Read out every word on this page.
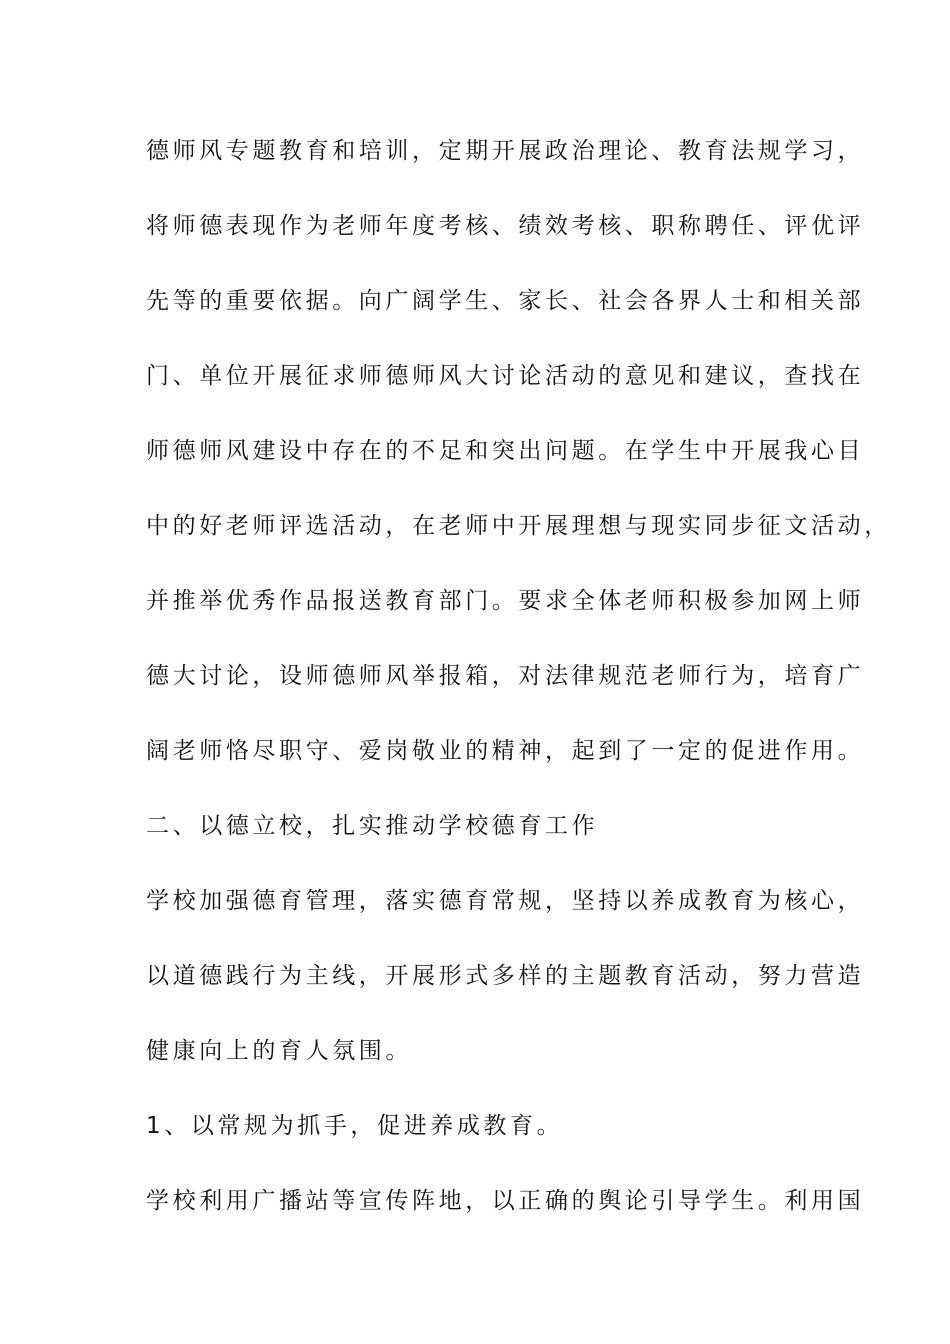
德师风专题教育和培训，定期开展政治理论、教育法规学习，
将师德表现作为老师年度考核、绩效考核、职称聘任、评优评
先等的重要依据。向广阔学生、家长、社会各界人士和相关部
门、单位开展征求师德师风大讨论活动的意见和建议，查找在
师德师风建设中存在的不足和突出问题。在学生中开展我心目
中的好老师评选活动，在老师中开展理想与现实同步征文活动，
并推举优秀作品报送教育部门。要求全体老师积极参加网上师
德大讨论，设师德师风举报箱，对法律规范老师行为，培育广
阔老师恪尽职守、爱岗敬业的精神，起到了一定的促进作用。
二、以德立校，扎实推动学校德育工作
学校加强德育管理，落实德育常规，坚持以养成教育为核心，
以道德践行为主线，开展形式多样的主题教育活动，努力营造
健康向上的育人氛围。
1、以常规为抓手，促进养成教育。
学校利用广播站等宣传阵地，以正确的舆论引导学生。利用国
